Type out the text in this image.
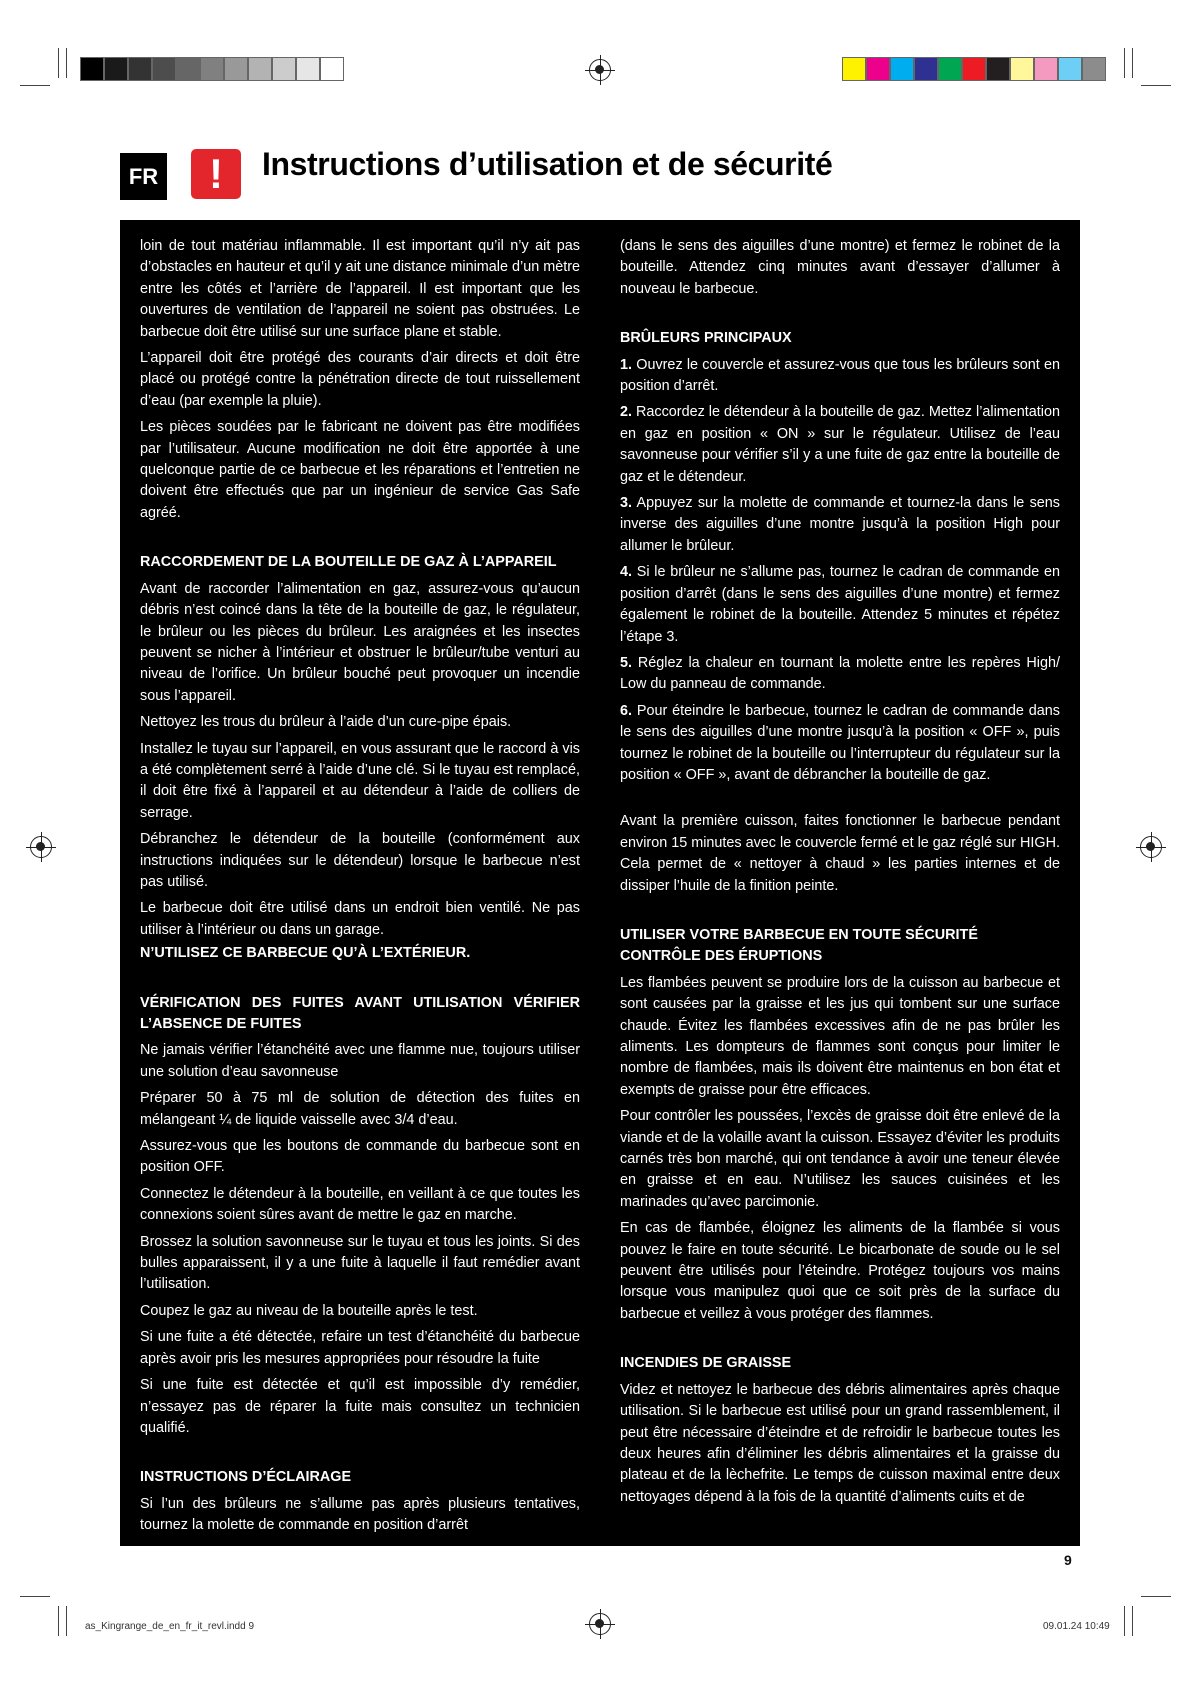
FR	!	Instructions d’utilisation et de sécurité

loin de tout matériau inflammable. Il est important qu’il n’y ait pas d’obstacles en hauteur et qu’il y ait une distance minimale d’un mètre entre les côtés et l’arrière de l’appareil. Il est important que les ouvertures de ventilation de l’appareil ne soient pas obstruées. Le barbecue doit être utilisé sur une surface plane et stable.

L’appareil doit être protégé des courants d’air directs et doit être placé ou protégé contre la pénétration directe de tout ruissellement d’eau (par exemple la pluie).

Les pièces soudées par le fabricant ne doivent pas être modifiées par l’utilisateur. Aucune modification ne doit être apportée à une quelconque partie de ce barbecue et les réparations et l’entretien ne doivent être effectués que par un ingénieur de service Gas Safe agréé.

RACCORDEMENT DE LA BOUTEILLE DE GAZ À L’APPAREIL

Avant de raccorder l’alimentation en gaz, assurez-vous qu’aucun débris n’est coincé dans la tête de la bouteille de gaz, le régulateur, le brûleur ou les pièces du brûleur. Les araignées et les insectes peuvent se nicher à l’intérieur et obstruer le brûleur/tube venturi au niveau de l’orifice. Un brûleur bouché peut provoquer un incendie sous l’appareil.

Nettoyez les trous du brûleur à l’aide d’un cure-pipe épais.

Installez le tuyau sur l’appareil, en vous assurant que le raccord à vis a été complètement serré à l’aide d’une clé. Si le tuyau est remplacé, il doit être fixé à l’appareil et au détendeur à l’aide de colliers de serrage.

Débranchez le détendeur de la bouteille (conformément aux instructions indiquées sur le détendeur) lorsque le barbecue n’est pas utilisé.

Le barbecue doit être utilisé dans un endroit bien ventilé. Ne pas utiliser à l’intérieur ou dans un garage.

N’UTILISEZ CE BARBECUE QU’À L’EXTÉRIEUR.
VÉRIFICATION DES FUITES AVANT UTILISATION VÉRIFIER L’ABSENCE DE FUITES

Ne jamais vérifier l’étanchéité avec une flamme nue, toujours utiliser une solution d’eau savonneuse

Préparer 50 à 75 ml de solution de détection des fuites en mélangeant ¼ de liquide vaisselle avec 3/4 d’eau.

Assurez-vous que les boutons de commande du barbecue sont en position OFF.

Connectez le détendeur à la bouteille, en veillant à ce que toutes les connexions soient sûres avant de mettre le gaz en marche.

Brossez la solution savonneuse sur le tuyau et tous les joints. Si des bulles apparaissent, il y a une fuite à laquelle il faut remédier avant l’utilisation.

Coupez le gaz au niveau de la bouteille après le test.

Si une fuite a été détectée, refaire un test d’étanchéité du barbecue après avoir pris les mesures appropriées pour résoudre la fuite

Si une fuite est détectée et qu’il est impossible d’y remédier, n’essayez pas de réparer la fuite mais consultez un technicien qualifié.

INSTRUCTIONS D’ÉCLAIRAGE

Si l’un des brûleurs ne s’allume pas après plusieurs tentatives, tournez la molette de commande en position d’arrêt

(dans le sens des aiguilles d’une montre) et fermez le robinet de la bouteille. Attendez cinq minutes avant d’essayer d’allumer à nouveau le barbecue.

BRÛLEURS PRINCIPAUX

1. Ouvrez le couvercle et assurez-vous que tous les brûleurs sont en position d’arrêt.

2. Raccordez le détendeur à la bouteille de gaz. Mettez l’alimentation en gaz en position « ON » sur le régulateur. Utilisez de l’eau savonneuse pour vérifier s’il y a une fuite de gaz entre la bouteille de gaz et le détendeur.

3. Appuyez sur la molette de commande et tournez-la dans le sens inverse des aiguilles d’une montre jusqu’à la position High pour allumer le brûleur.

4. Si le brûleur ne s’allume pas, tournez le cadran de commande en position d’arrêt (dans le sens des aiguilles d’une montre) et fermez également le robinet de la bouteille. Attendez 5 minutes et répétez l’étape 3.

5. Réglez la chaleur en tournant la molette entre les repères High/ Low du panneau de commande.

6. Pour éteindre le barbecue, tournez le cadran de commande dans le sens des aiguilles d’une montre jusqu’à la position « OFF », puis tournez le robinet de la bouteille ou l’interrupteur du régulateur sur la position « OFF », avant de débrancher la bouteille de gaz.

Avant la première cuisson, faites fonctionner le barbecue pendant environ 15 minutes avec le couvercle fermé et le gaz réglé sur HIGH. Cela permet de « nettoyer à chaud » les parties internes et de dissiper l’huile de la finition peinte.

UTILISER VOTRE BARBECUE EN TOUTE SÉCURITÉ CONTRÔLE DES ÉRUPTIONS

Les flambées peuvent se produire lors de la cuisson au barbecue et sont causées par la graisse et les jus qui tombent sur une surface chaude. Évitez les flambées excessives afin de ne pas brûler les aliments. Les dompteurs de flammes sont conçus pour limiter le nombre de flambées, mais ils doivent être maintenus en bon état et exempts de graisse pour être efficaces.

Pour contrôler les poussées, l’excès de graisse doit être enlevé de la viande et de la volaille avant la cuisson. Essayez d’éviter les produits carnés très bon marché, qui ont tendance à avoir une teneur élevée en graisse et en eau. N’utilisez les sauces cuisinées et les marinades qu’avec parcimonie.

En cas de flambée, éloignez les aliments de la flambée si vous pouvez le faire en toute sécurité. Le bicarbonate de soude ou le sel peuvent être utilisés pour l’éteindre. Protégez toujours vos mains lorsque vous manipulez quoi que ce soit près de la surface du barbecue et veillez à vous protéger des flammes.

INCENDIES DE GRAISSE

Videz et nettoyez le barbecue des débris alimentaires après chaque utilisation. Si le barbecue est utilisé pour un grand rassemblement, il peut être nécessaire d’éteindre et de refroidir le barbecue toutes les deux heures afin d’éliminer les débris alimentaires et la graisse du plateau et de la lèchefrite. Le temps de cuisson maximal entre deux nettoyages dépend à la fois de la quantité d’aliments cuits et de

9
as_Kingrange_de_en_fr_it_revl.indd 9	09.01.24 10:49
